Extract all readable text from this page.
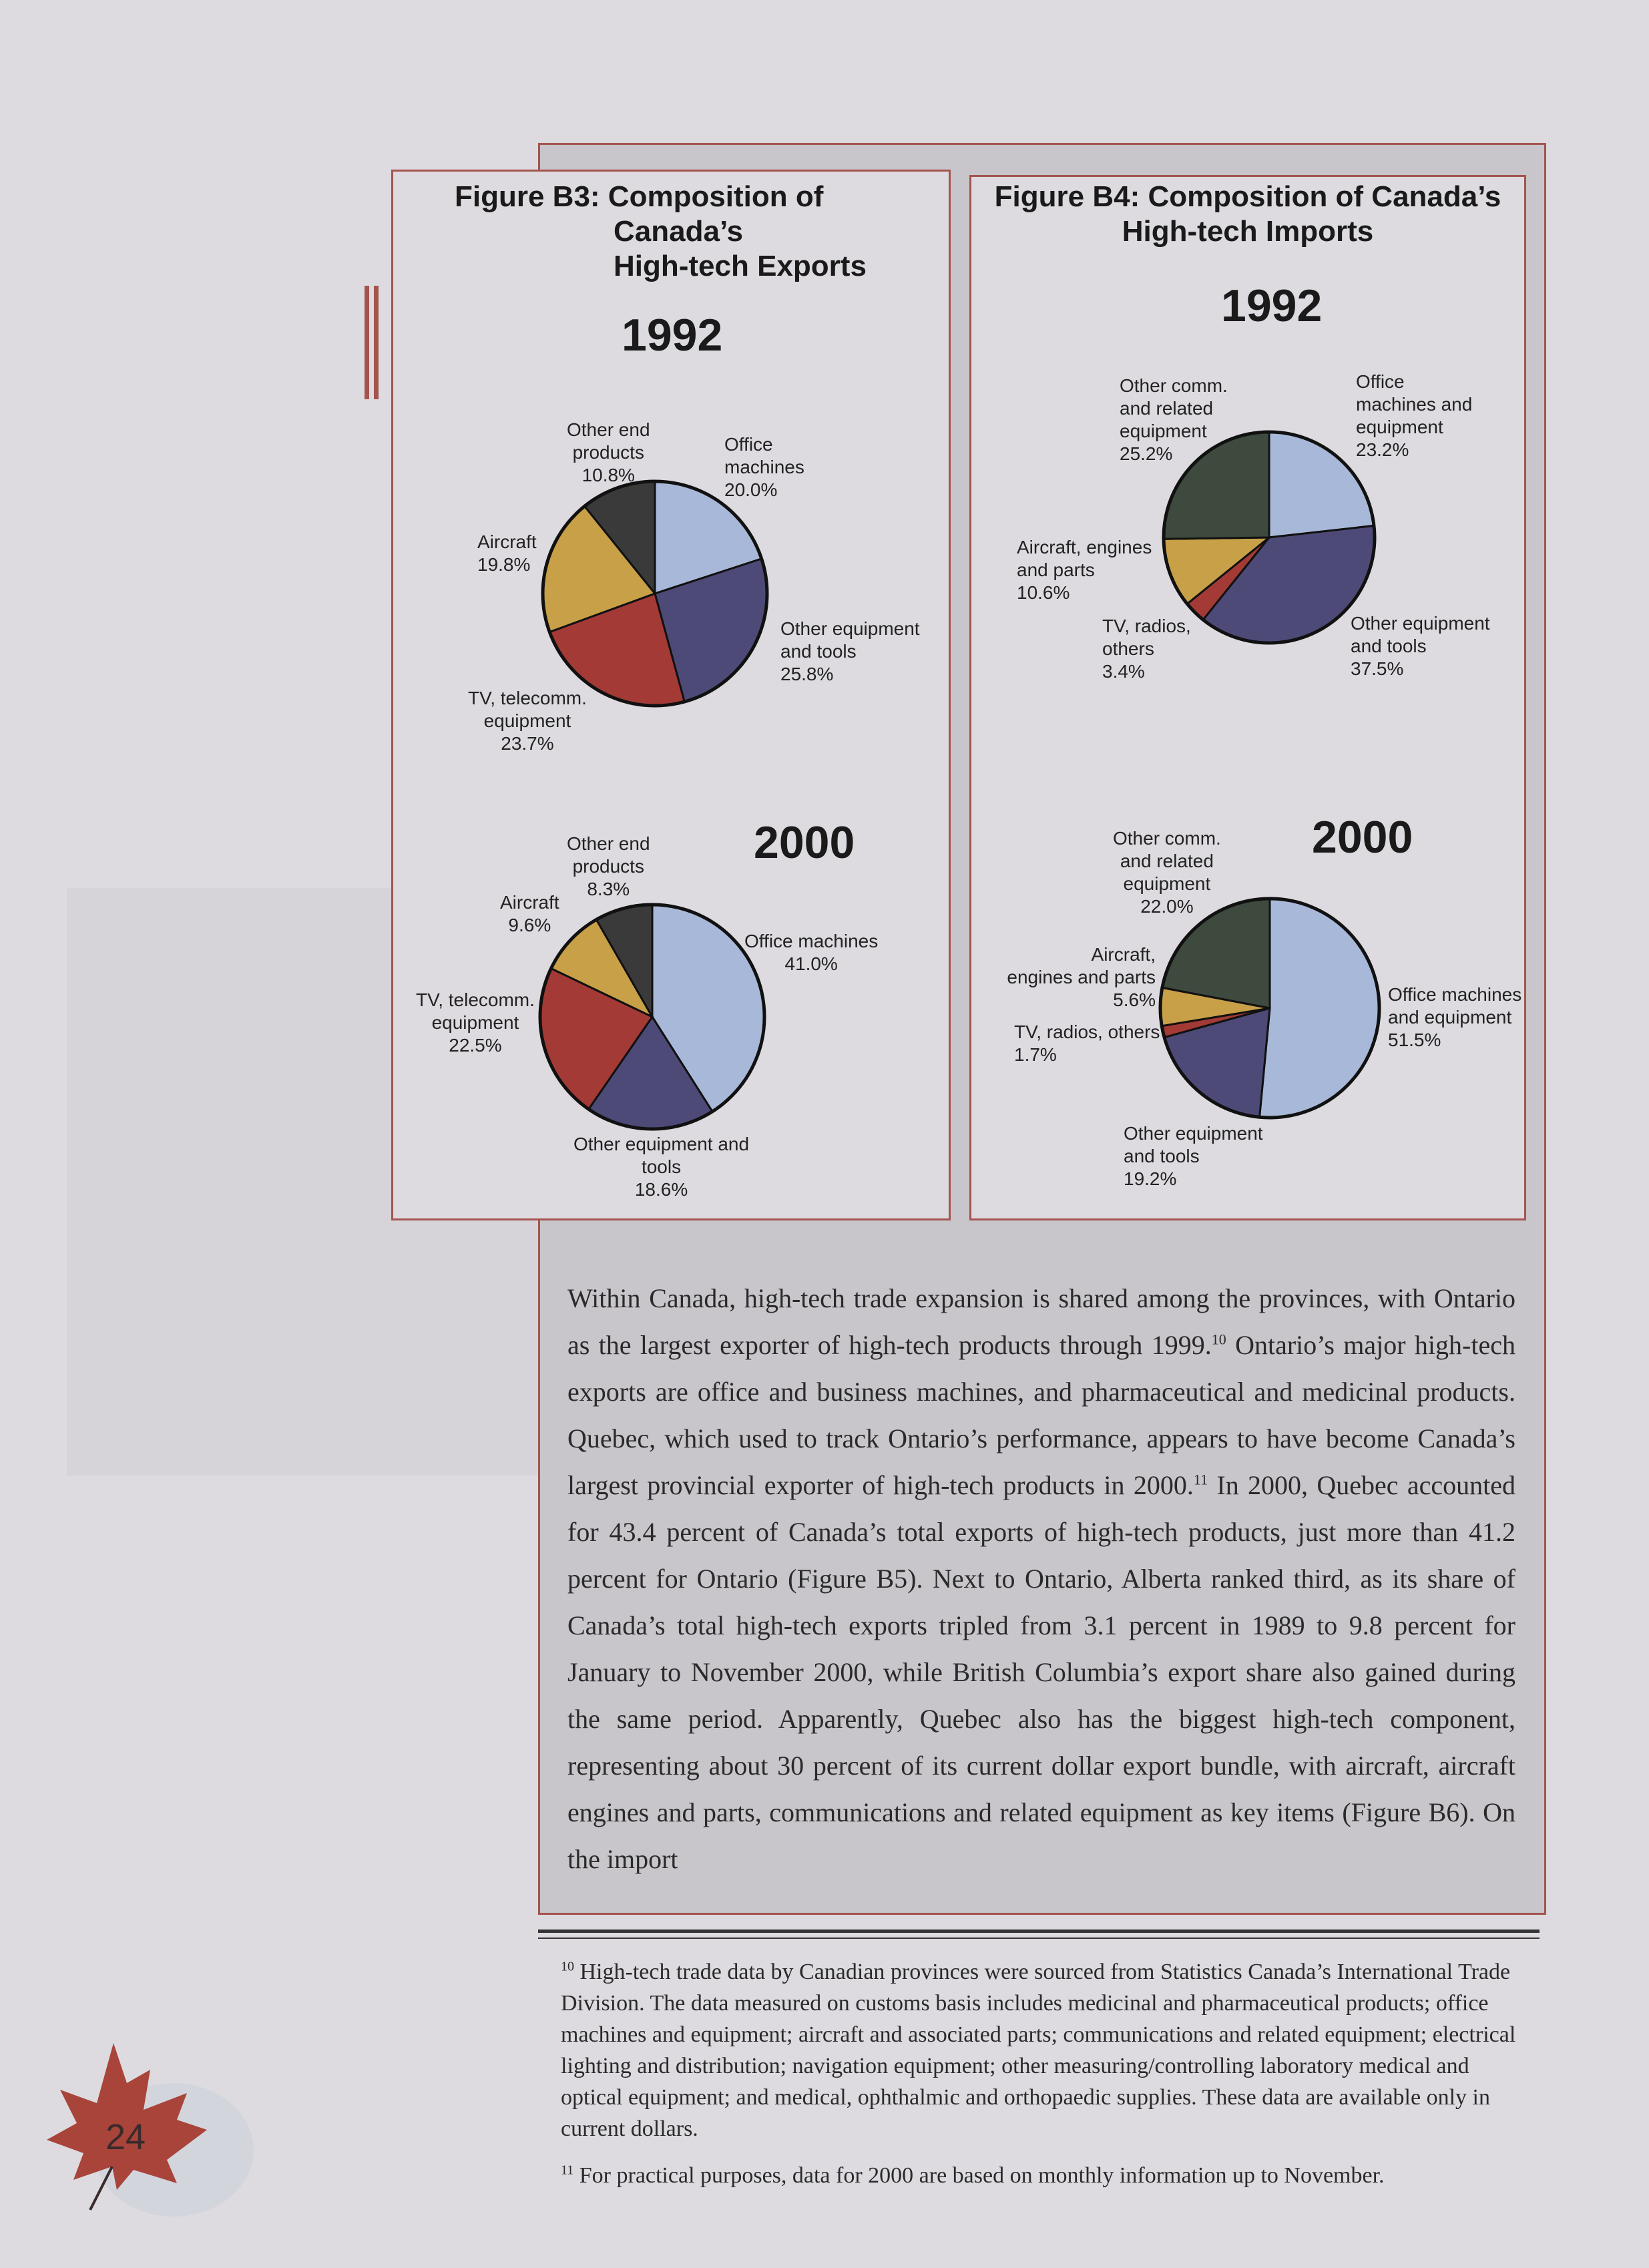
Figure B3: Composition of
Canada’s
High-tech Exports
1992
Other end
products
10.8%
Office
machines
20.0%
Aircraft
19.8%
Other equipment
and tools
25.8%
TV, telecomm.
equipment
23.7%
2000
Other end
products
8.3%
Aircraft
9.6%
Office machines
41.0%
TV, telecomm.
equipment
22.5%
Other equipment and
tools
18.6%
Figure B4: Composition of Canada’s
High-tech Imports
1992
Other comm.
and related
equipment
25.2%
Office
machines and
equipment
23.2%
Aircraft, engines
and parts
10.6%
TV, radios,
others
3.4%
Other equipment
and tools
37.5%
2000
Other comm.
and related
equipment
22.0%
Aircraft,
engines and parts
5.6%
TV, radios, others
1.7%
Office machines
and equipment
51.5%
Other equipment
and tools
19.2%
Within Canada, high-tech trade expansion is shared among the provinces, with Ontario as the largest exporter of high-tech products through 1999.10 Ontario’s major high-tech exports are office and business machines, and pharmaceutical and medicinal products. Quebec, which used to track Ontario’s performance, appears to have become Canada’s largest provincial exporter of high-tech products in 2000.11 In 2000, Quebec accounted for 43.4 percent of Canada’s total exports of high-tech products, just more than 41.2 percent for Ontario (Figure B5). Next to Ontario, Alberta ranked third, as its share of Canada’s total high-tech exports tripled from 3.1 percent in 1989 to 9.8 percent for January to November 2000, while British Columbia’s export share also gained during the same period. Apparently, Quebec also has the biggest high-tech component, representing about 30 percent of its current dollar export bundle, with aircraft, aircraft engines and parts, communications and related equipment as key items (Figure B6). On the import
$^{10}$ High-tech trade data by Canadian provinces were sourced from Statistics Canada’s International Trade Division. The data measured on customs basis includes medicinal and pharmaceutical products; office machines and equipment; aircraft and associated parts; communications and related equipment; electrical lighting and distribution; navigation equipment; other measuring/controlling laboratory medical and optical equipment; and medical, ophthalmic and orthopaedic supplies. These data are available only in current dollars.
$^{11}$ For practical purposes, data for 2000 are based on monthly information up to November.
24
